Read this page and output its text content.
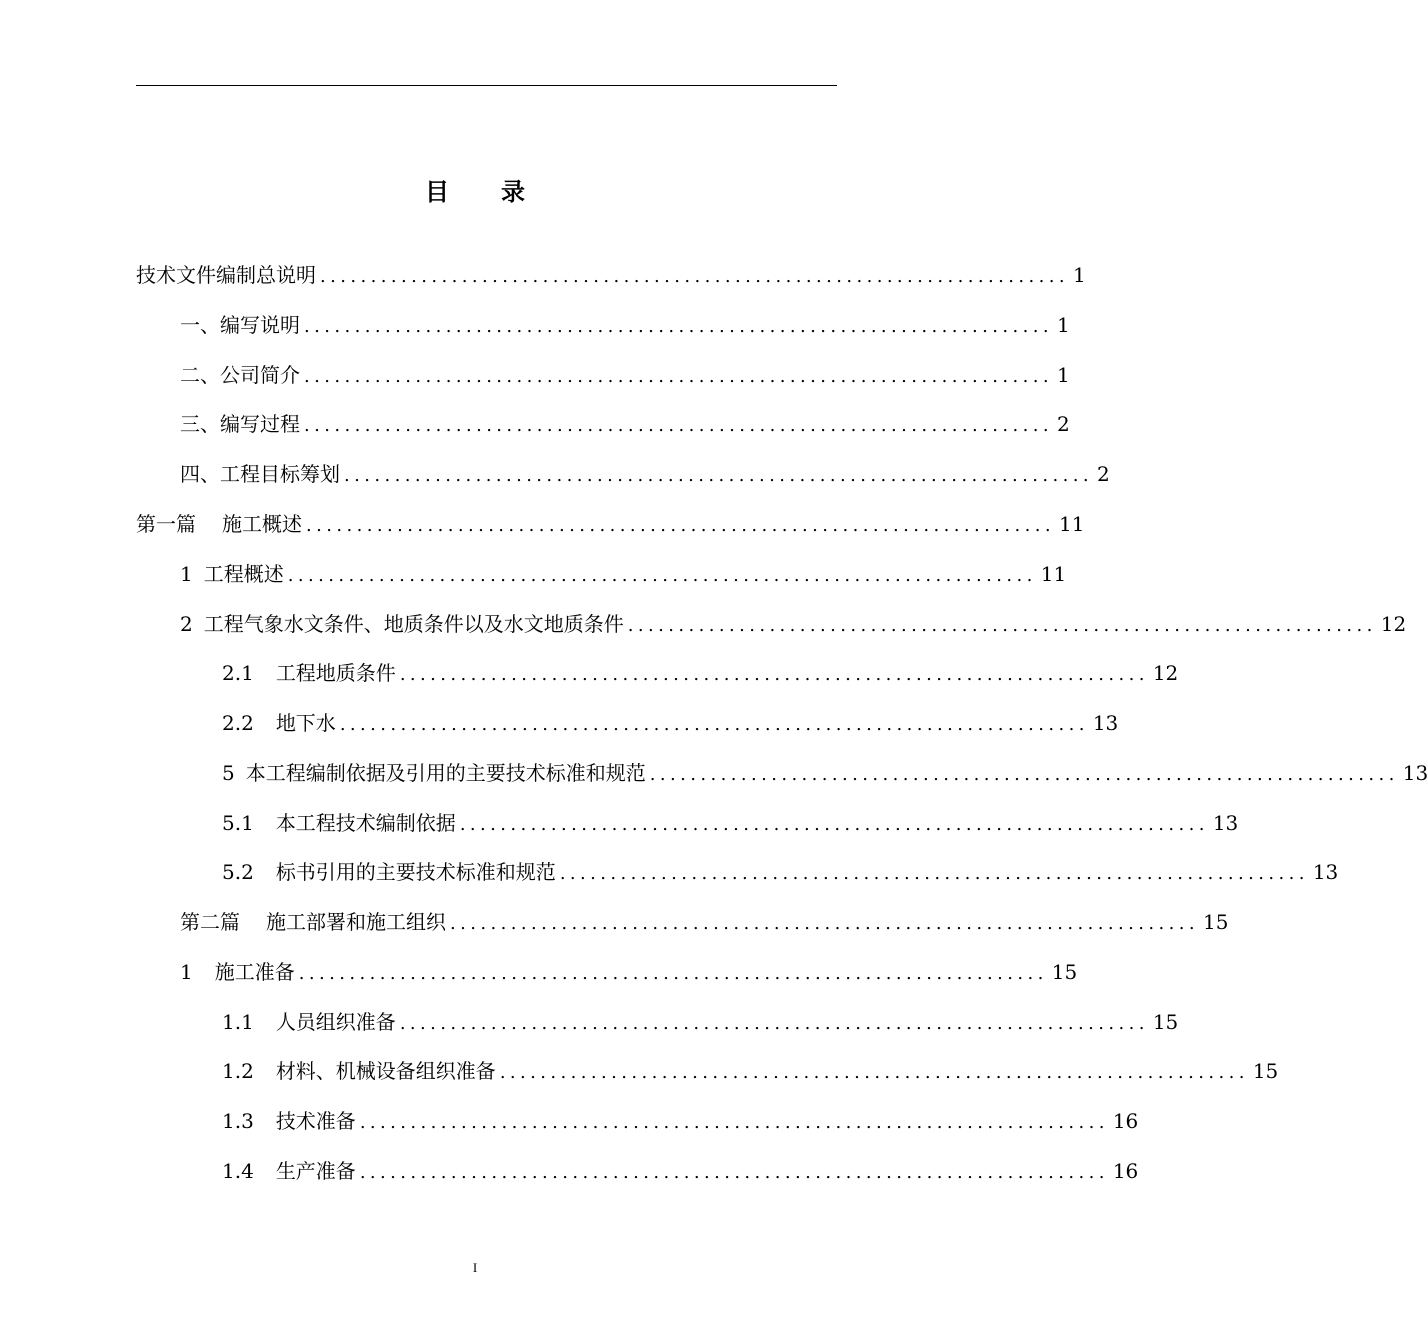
目录
技术文件编制总说明 .......................................................................... 1
一、编写说明 .......................................................................... 1
二、公司简介 .......................................................................... 1
三、编写过程 .......................................................................... 2
四、工程目标筹划 .......................................................................... 2
第一篇 施工概述 .......................................................................... 11
1 工程概述 .......................................................................... 11
2 工程气象水文条件、地质条件以及水文地质条件 .......................................................................... 12
2.1 工程地质条件 .......................................................................... 12
2.2 地下水 .......................................................................... 13
5 本工程编制依据及引用的主要技术标准和规范 .......................................................................... 13
5.1 本工程技术编制依据 .......................................................................... 13
5.2 标书引用的主要技术标准和规范 .......................................................................... 13
第二篇 施工部署和施工组织 .......................................................................... 15
1 施工准备 .......................................................................... 15
1.1 人员组织准备 .......................................................................... 15
1.2 材料、机械设备组织准备 .......................................................................... 15
1.3 技术准备 .......................................................................... 16
1.4 生产准备 .......................................................................... 16
I
